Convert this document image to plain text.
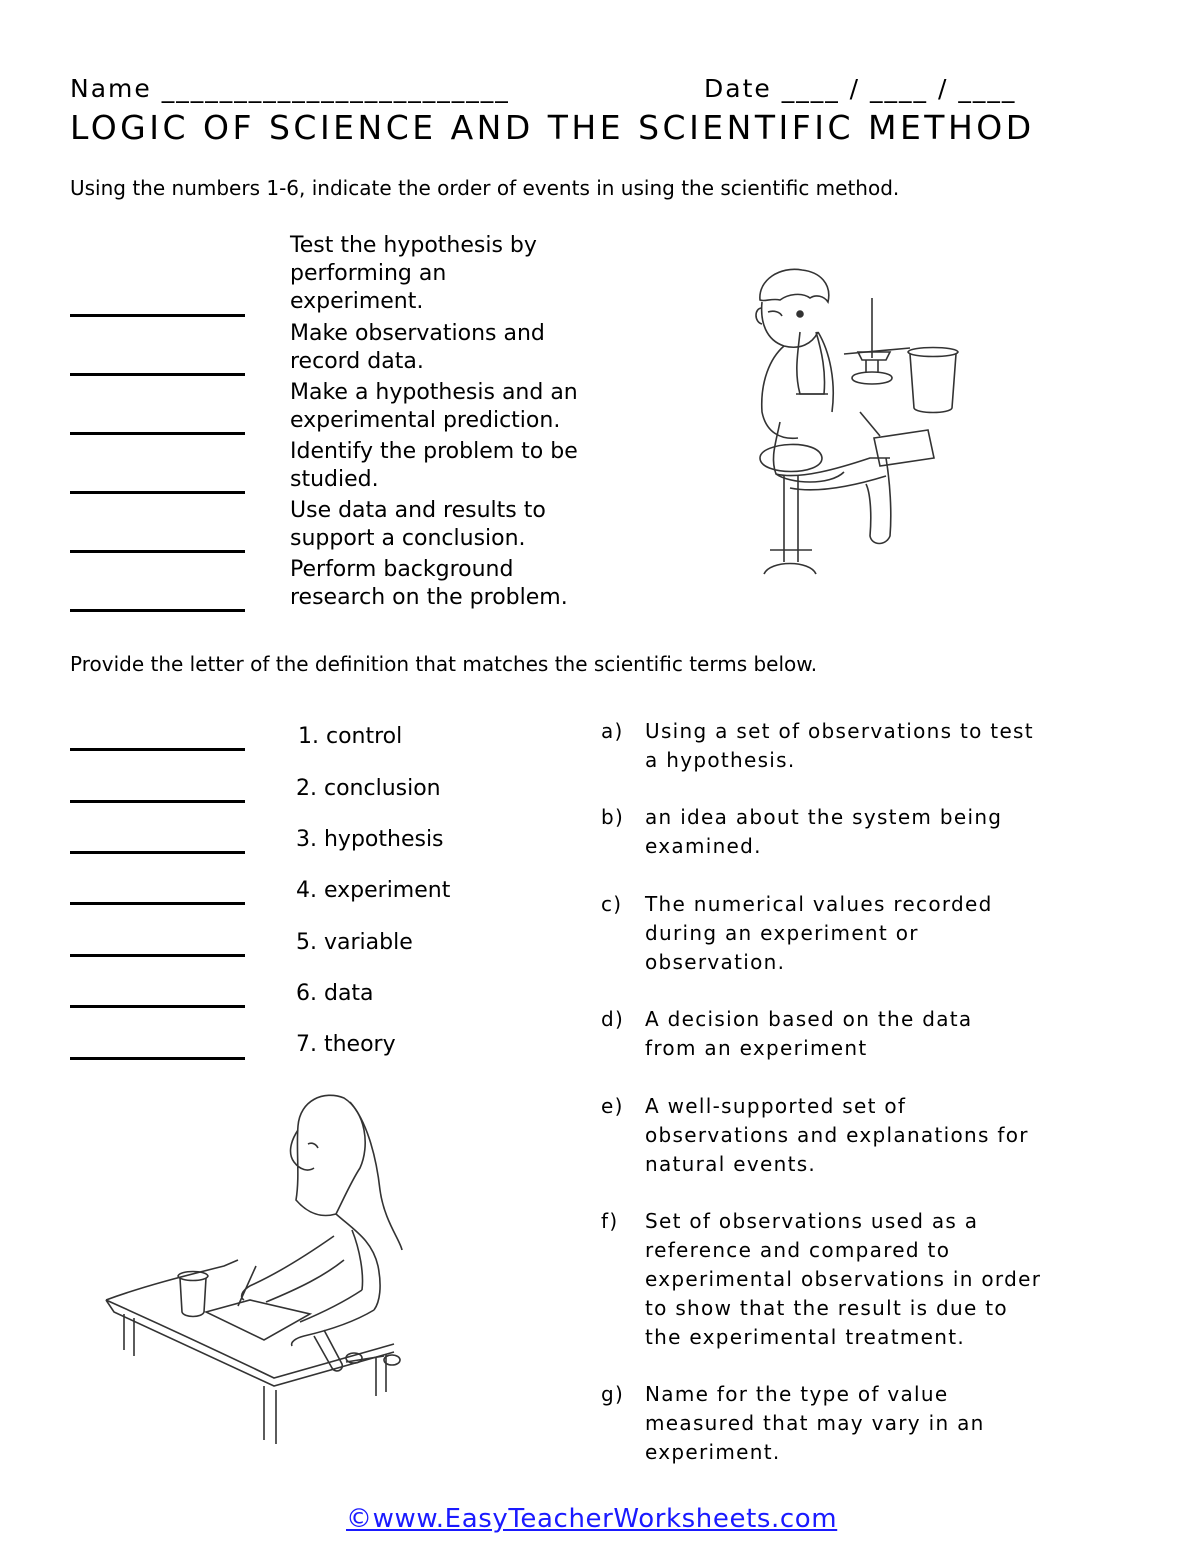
Name ________________________	Date ____ / ____ / ____
LOGIC OF SCIENCE AND THE SCIENTIFIC METHOD
Using the numbers 1-6, indicate the order of events in using the scientific method.
Test the hypothesis by
performing an
experiment.
Make observations and
record data.
Make a hypothesis and an
experimental prediction.
Identify the problem to be
studied.
Use data and results to
support a conclusion.
Perform background
research on the problem.
Provide the letter of the definition that matches the scientific terms below.
1. control
2. conclusion
3. hypothesis
4. experiment
5. variable
6. data
7. theory
a) Using a set of observations to test
a hypothesis.
b) an idea about the system being
examined.
c) The numerical values recorded
during an experiment or
observation.
d) A decision based on the data
from an experiment
e) A well-supported set of
observations and explanations for
natural events.
f) Set of observations used as a
reference and compared to
experimental observations in order
to show that the result is due to
the experimental treatment.
g) Name for the type of value
measured that may vary in an
experiment.
©www.EasyTeacherWorksheets.com
